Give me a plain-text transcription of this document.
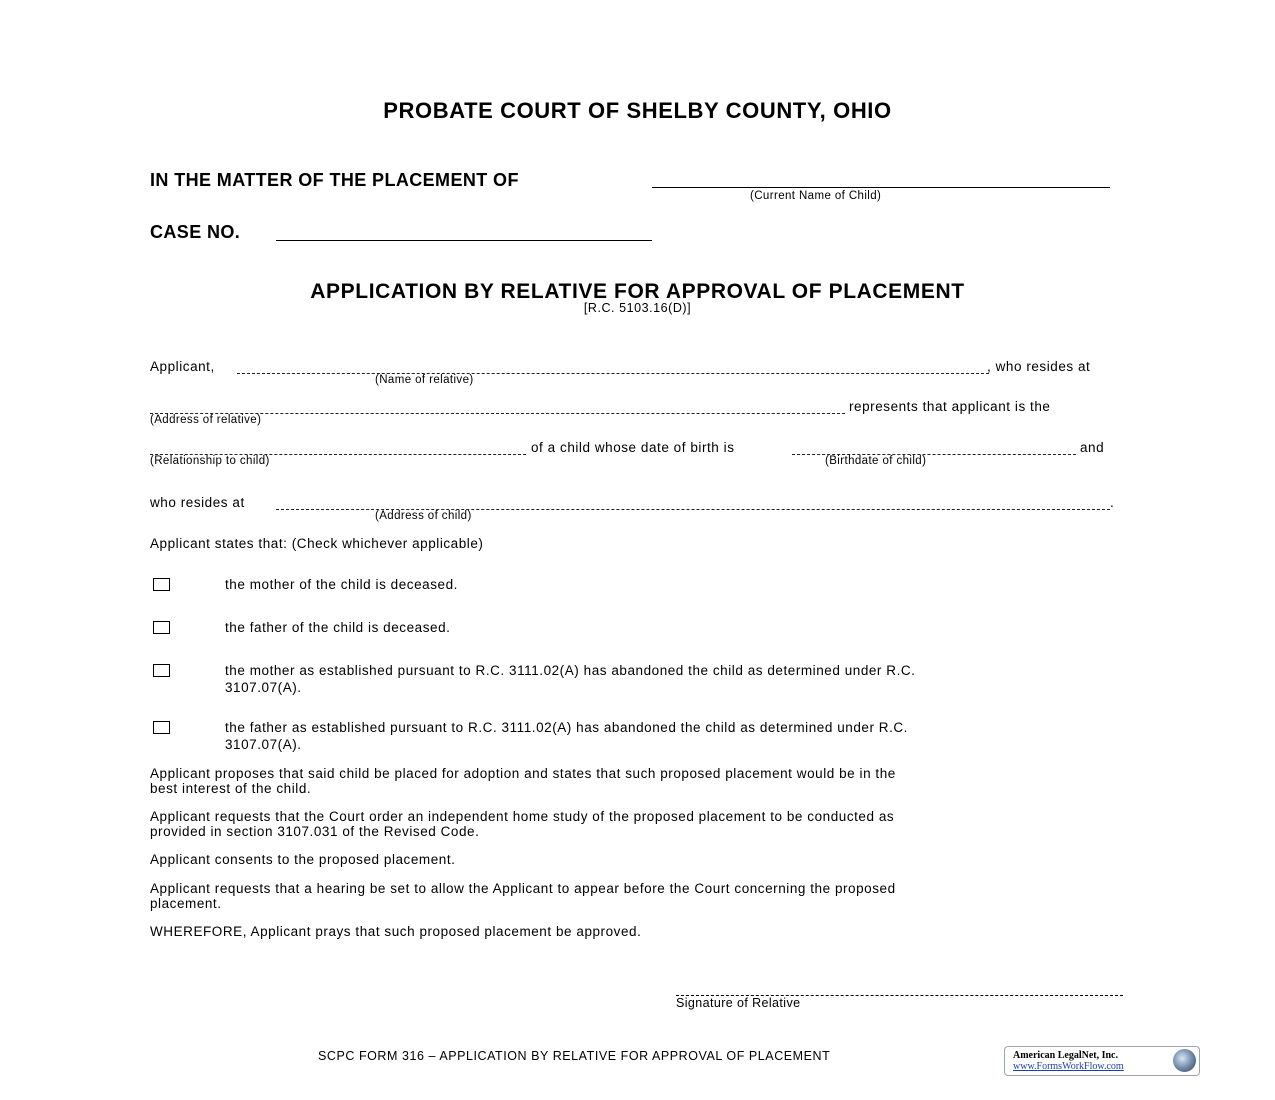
PROBATE COURT OF SHELBY COUNTY, OHIO
IN THE MATTER OF THE PLACEMENT OF
(Current Name of Child)
CASE NO.
APPLICATION BY RELATIVE FOR APPROVAL OF PLACEMENT
[R.C. 5103.16(D)]
Applicant,	, who resides at
(Name of relative)
represents that applicant is the
(Address of relative)
of a child whose date of birth is	and
(Relationship to child)	(Birthdate of child)
who resides at	.
(Address of child)
Applicant states that: (Check whichever applicable)
the mother of the child is deceased.
the father of the child is deceased.
the mother as established pursuant to R.C. 3111.02(A) has abandoned the child as determined under R.C.
3107.07(A).
the father as established pursuant to R.C. 3111.02(A) has abandoned the child as determined under R.C.
3107.07(A).
Applicant proposes that said child be placed for adoption and states that such proposed placement would be in the
best interest of the child.
Applicant requests that the Court order an independent home study of the proposed placement to be conducted as
provided in section 3107.031 of the Revised Code.
Applicant consents to the proposed placement.
Applicant requests that a hearing be set to allow the Applicant to appear before the Court concerning the proposed
placement.
WHEREFORE, Applicant prays that such proposed placement be approved.
Signature of Relative
SCPC FORM 316 – APPLICATION BY RELATIVE FOR APPROVAL OF PLACEMENT	American LegalNet, Inc.
www.FormsWorkFlow.com
